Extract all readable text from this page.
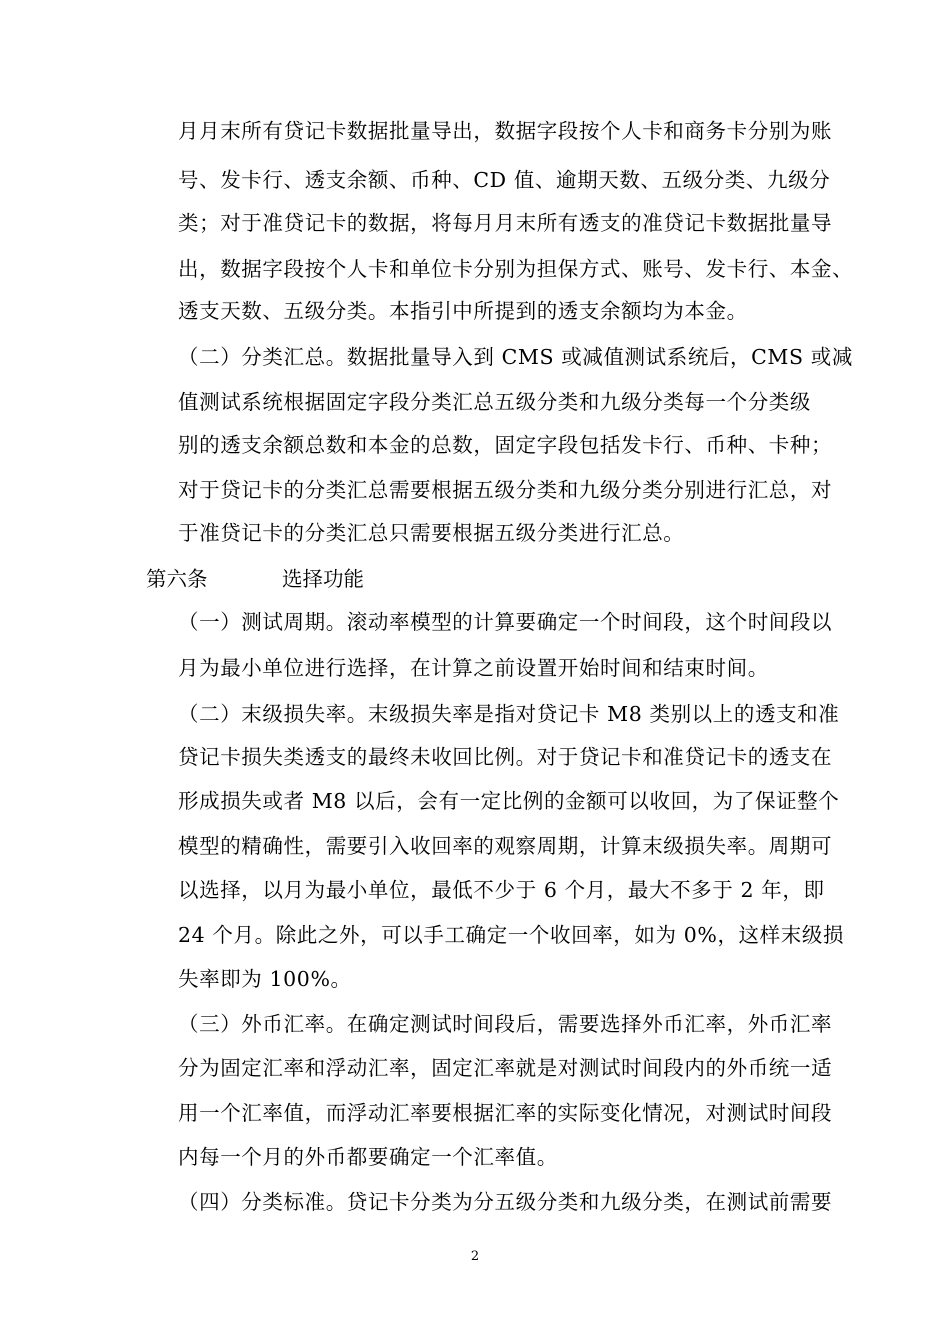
月月末所有贷记卡数据批量导出，数据字段按个人卡和商务卡分别为账
号、发卡行、透支余额、币种、CD 值、逾期天数、五级分类、九级分
类；对于准贷记卡的数据，将每月月末所有透支的准贷记卡数据批量导
出，数据字段按个人卡和单位卡分别为担保方式、账号、发卡行、本金、
透支天数、五级分类。本指引中所提到的透支余额均为本金。
（二）分类汇总。数据批量导入到 CMS 或减值测试系统后，CMS 或减
值测试系统根据固定字段分类汇总五级分类和九级分类每一个分类级
别的透支余额总数和本金的总数，固定字段包括发卡行、币种、卡种；
对于贷记卡的分类汇总需要根据五级分类和九级分类分别进行汇总，对
于准贷记卡的分类汇总只需要根据五级分类进行汇总。
第六条	选择功能
（一）测试周期。滚动率模型的计算要确定一个时间段，这个时间段以
月为最小单位进行选择，在计算之前设置开始时间和结束时间。
（二）末级损失率。末级损失率是指对贷记卡 M8 类别以上的透支和准
贷记卡损失类透支的最终未收回比例。对于贷记卡和准贷记卡的透支在
形成损失或者 M8 以后，会有一定比例的金额可以收回，为了保证整个
模型的精确性，需要引入收回率的观察周期，计算末级损失率。周期可
以选择，以月为最小单位，最低不少于 6 个月，最大不多于 2 年，即
24 个月。除此之外，可以手工确定一个收回率，如为 0%，这样末级损
失率即为 100%。
（三）外币汇率。在确定测试时间段后，需要选择外币汇率，外币汇率
分为固定汇率和浮动汇率，固定汇率就是对测试时间段内的外币统一适
用一个汇率值，而浮动汇率要根据汇率的实际变化情况，对测试时间段
内每一个月的外币都要确定一个汇率值。
（四）分类标准。贷记卡分类为分五级分类和九级分类，在测试前需要
2
